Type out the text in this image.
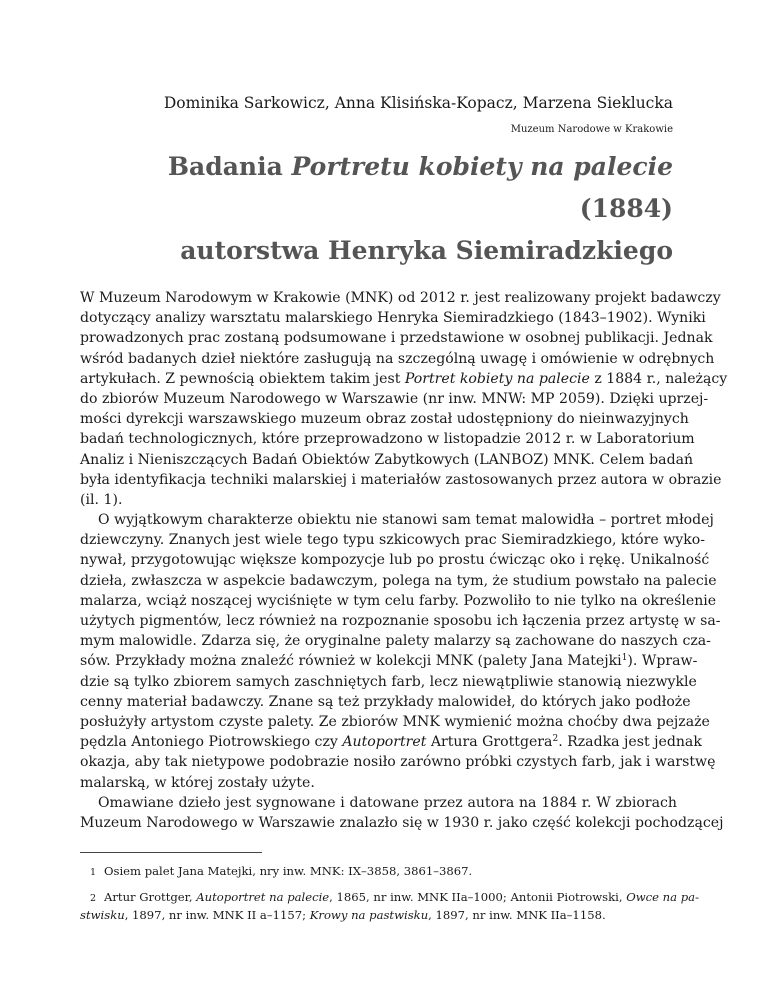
Dominika Sarkowicz, Anna Klisińska-Kopacz, Marzena Sieklucka
Muzeum Narodowe w Krakowie
Badania Portretu kobiety na palecie (1884)
autorstwa Henryka Siemiradzkiego
W Muzeum Narodowym w Krakowie (MNK) od 2012 r. jest realizowany projekt badawczy
dotyczący analizy warsztatu malarskiego Henryka Siemiradzkiego (1843–1902). Wyniki
prowadzonych prac zostaną podsumowane i przedstawione w osobnej publikacji. Jednak
wśród badanych dzieł niektóre zasługują na szczególną uwagę i omówienie w odrębnych
artykułach. Z pewnością obiektem takim jest Portret kobiety na palecie z 1884 r., należący
do zbiorów Muzeum Narodowego w Warszawie (nr inw. MNW: MP 2059). Dzięki uprzej-
mości dyrekcji warszawskiego muzeum obraz został udostępniony do nieinwazyjnych
badań technologicznych, które przeprowadzono w listopadzie 2012 r. w Laboratorium
Analiz i Nieniszczących Badań Obiektów Zabytkowych (LANBOZ) MNK. Celem badań
była identyfikacja techniki malarskiej i materiałów zastosowanych przez autora w obrazie
(il. 1).
O wyjątkowym charakterze obiektu nie stanowi sam temat malowidła – portret młodej
dziewczyny. Znanych jest wiele tego typu szkicowych prac Siemiradzkiego, które wyko-
nywał, przygotowując większe kompozycje lub po prostu ćwicząc oko i rękę. Unikalność
dzieła, zwłaszcza w aspekcie badawczym, polega na tym, że studium powstało na palecie
malarza, wciąż noszącej wyciśnięte w tym celu farby. Pozwoliło to nie tylko na określenie
użytych pigmentów, lecz również na rozpoznanie sposobu ich łączenia przez artystę w sa-
mym malowidle. Zdarza się, że oryginalne palety malarzy są zachowane do naszych cza-
sów. Przykłady można znaleźć również w kolekcji MNK (palety Jana Matejki$^1$). Wpraw-
dzie są tylko zbiorem samych zaschniętych farb, lecz niewątpliwie stanowią niezwykle
cenny materiał badawczy. Znane są też przykłady malowideł, do których jako podłoże
posłużyły artystom czyste palety. Ze zbiorów MNK wymienić można choćby dwa pejzaże
pędzla Antoniego Piotrowskiego czy Autoportret Artura Grottgera$^2$. Rzadka jest jednak
okazja, aby tak nietypowe podobrazie nosiło zarówno próbki czystych farb, jak i warstwę
malarską, w której zostały użyte.
Omawiane dzieło jest sygnowane i datowane przez autora na 1884 r. W zbiorach
Muzeum Narodowego w Warszawie znalazło się w 1930 r. jako część kolekcji pochodzącej
1 Osiem palet Jana Matejki, nry inw. MNK: IX–3858, 3861–3867.
2 Artur Grottger, Autoportret na palecie, 1865, nr inw. MNK IIa–1000; Antonii Piotrowski, Owce na pa-
stwisku, 1897, nr inw. MNK II a–1157; Krowy na pastwisku, 1897, nr inw. MNK IIa–1158.
